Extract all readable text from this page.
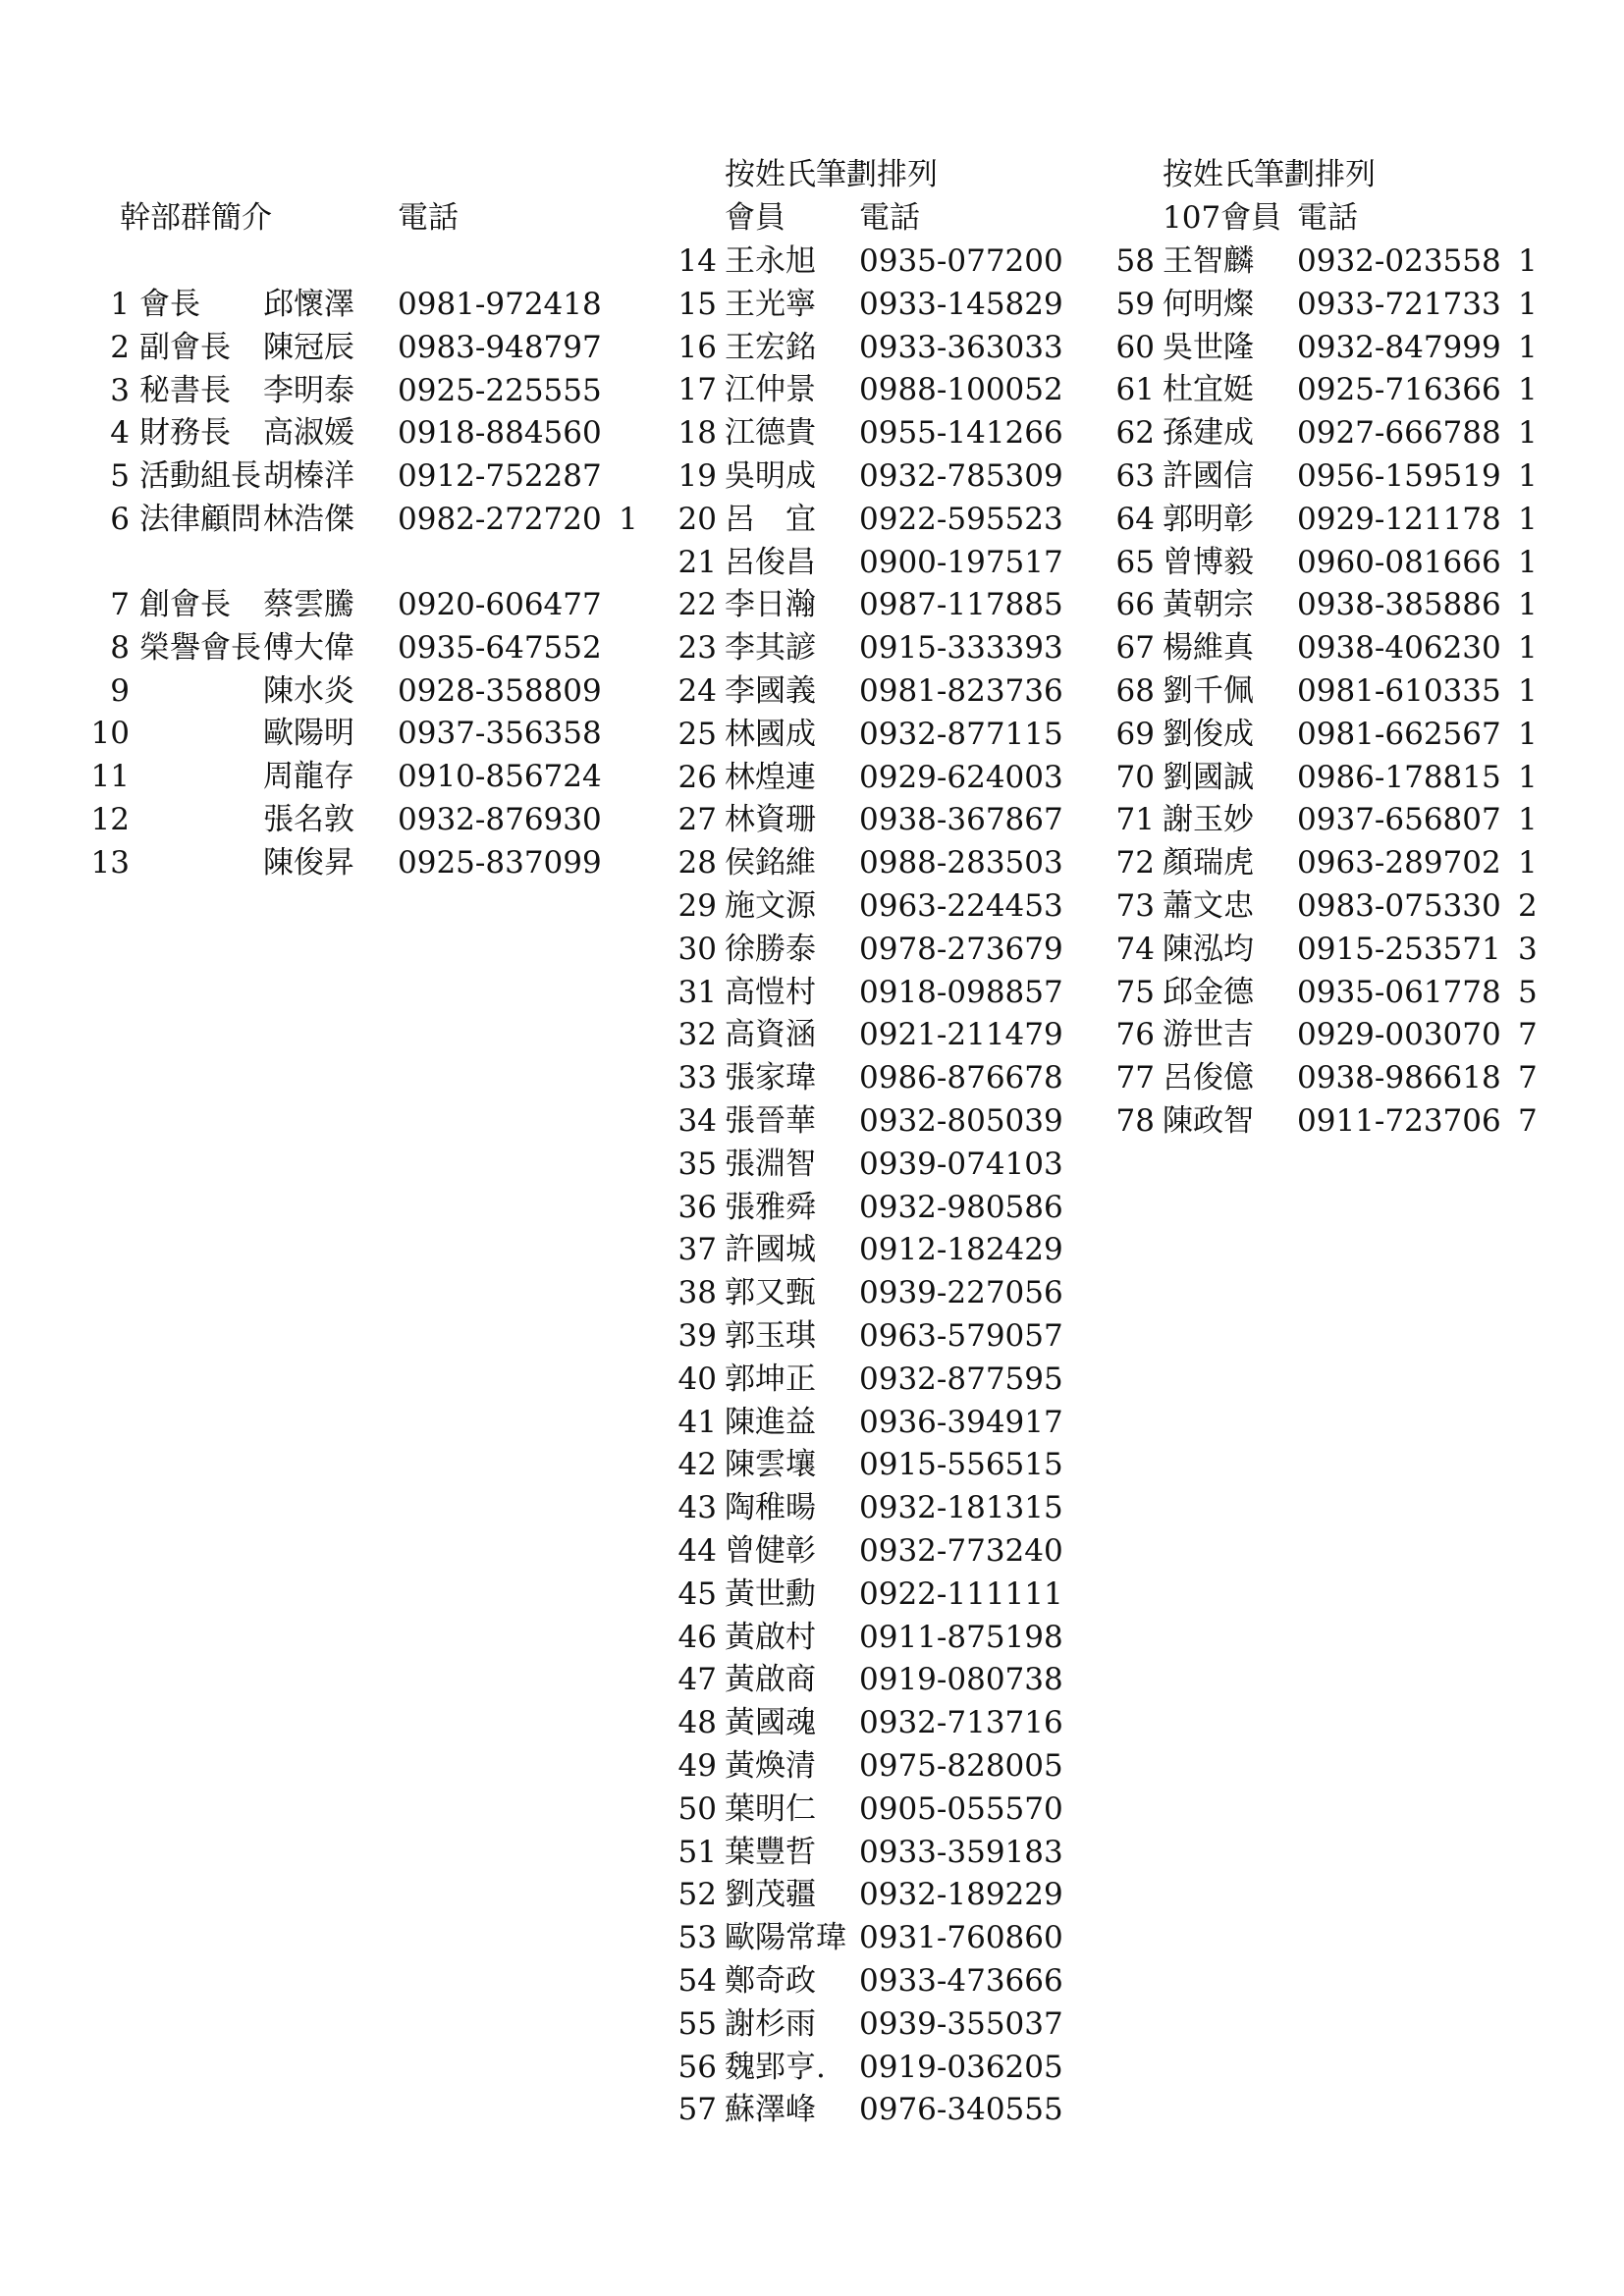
幹部群簡介	電話
1 會長 邱懷澤 0981-972418
2 副會長 陳冠辰 0983-948797
3 秘書長 李明泰 0925-225555
4 財務長 高淑媛 0918-884560
5 活動組長 胡榛洋 0912-752287
6 法律顧問 林浩傑 0982-272720 1
7 創會長 蔡雲騰 0920-606477
8 榮譽會長 傅大偉 0935-647552
9	陳水炎 0928-358809
10	歐陽明 0937-356358
11	周龍存 0910-856724
12	張名敦 0932-876930
13	陳俊昇 0925-837099
按姓氏筆劃排列
會員 電話
14 王永旭 0935-077200
15 王光寧 0933-145829
16 王宏銘 0933-363033
17 江仲景 0988-100052
18 江德貴 0955-141266
19 吳明成 0932-785309
20 呂　宜 0922-595523
21 呂俊昌 0900-197517
22 李日瀚 0987-117885
23 李其諺 0915-333393
24 李國義 0981-823736
25 林國成 0932-877115
26 林煌連 0929-624003
27 林資珊 0938-367867
28 侯銘維 0988-283503
29 施文源 0963-224453
30 徐勝泰 0978-273679
31 高愷村 0918-098857
32 高資涵 0921-211479
33 張家瑋 0986-876678
34 張晉華 0932-805039
35 張淵智 0939-074103
36 張雅舜 0932-980586
37 許國城 0912-182429
38 郭又甄 0939-227056
39 郭玉琪 0963-579057
40 郭坤正 0932-877595
41 陳進益 0936-394917
42 陳雲壤 0915-556515
43 陶稚暘 0932-181315
44 曾健彰 0932-773240
45 黃世勳 0922-111111
46 黃啟村 0911-875198
47 黃啟商 0919-080738
48 黃國魂 0932-713716
49 黃煥清 0975-828005
50 葉明仁 0905-055570
51 葉豐哲 0933-359183
52 劉茂疆 0932-189229
53 歐陽常瑋 0931-760860
54 鄭奇政 0933-473666
55 謝杉雨 0939-355037
56 魏郢亨. 0919-036205
57 蘇澤峰 0976-340555
按姓氏筆劃排列
107會員 電話
58 王智麟 0932-023558 1
59 何明燦 0933-721733 1
60 吳世隆 0932-847999 1
61 杜宜娗 0925-716366 1
62 孫建成 0927-666788 1
63 許國信 0956-159519 1
64 郭明彰 0929-121178 1
65 曾博毅 0960-081666 1
66 黃朝宗 0938-385886 1
67 楊維真 0938-406230 1
68 劉千佩 0981-610335 1
69 劉俊成 0981-662567 1
70 劉國誠 0986-178815 1
71 謝玉妙 0937-656807 1
72 顏瑞虎 0963-289702 1
73 蕭文忠 0983-075330 2
74 陳泓均 0915-253571 3
75 邱金德 0935-061778 5
76 游世吉 0929-003070 7
77 呂俊億 0938-986618 7
78 陳政智 0911-723706 7
